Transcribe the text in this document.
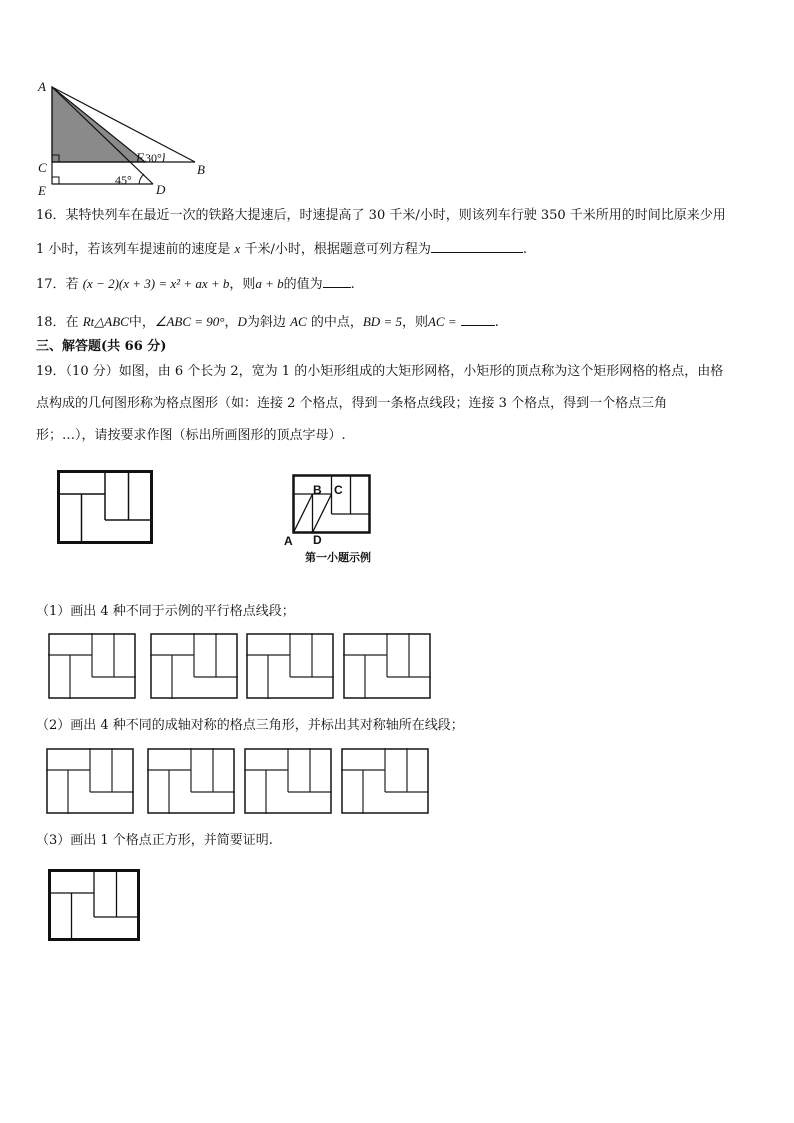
A
C
E
F
B
D
30°
45°
16．某特快列车在最近一次的铁路大提速后，时速提高了 30 千米/小时，则该列车行驶 350 千米所用的时间比原来少用
1 小时，若该列车提速前的速度是 x 千米/小时，根据题意可列方程为	.
17．若 (x − 2)(x + 3) = x² + ax + b，则a + b的值为 .
18．在 Rt△ABC中，∠ABC = 90°，D为斜边 AC 的中点，BD = 5，则AC =	.
三、解答题(共 66 分)
19．（10 分）如图，由 6 个长为 2，宽为 1 的小矩形组成的大矩形网格，小矩形的顶点称为这个矩形网格的格点，由格
点构成的几何图形称为格点图形（如：连接 2 个格点，得到一条格点线段；连接 3 个格点，得到一个格点三角
形；…），请按要求作图（标出所画图形的顶点字母）.
B C
A D
第一小题示例
（1）画出 4 种不同于示例的平行格点线段；
（2）画出 4 种不同的成轴对称的格点三角形，并标出其对称轴所在线段；
（3）画出 1 个格点正方形，并简要证明.
